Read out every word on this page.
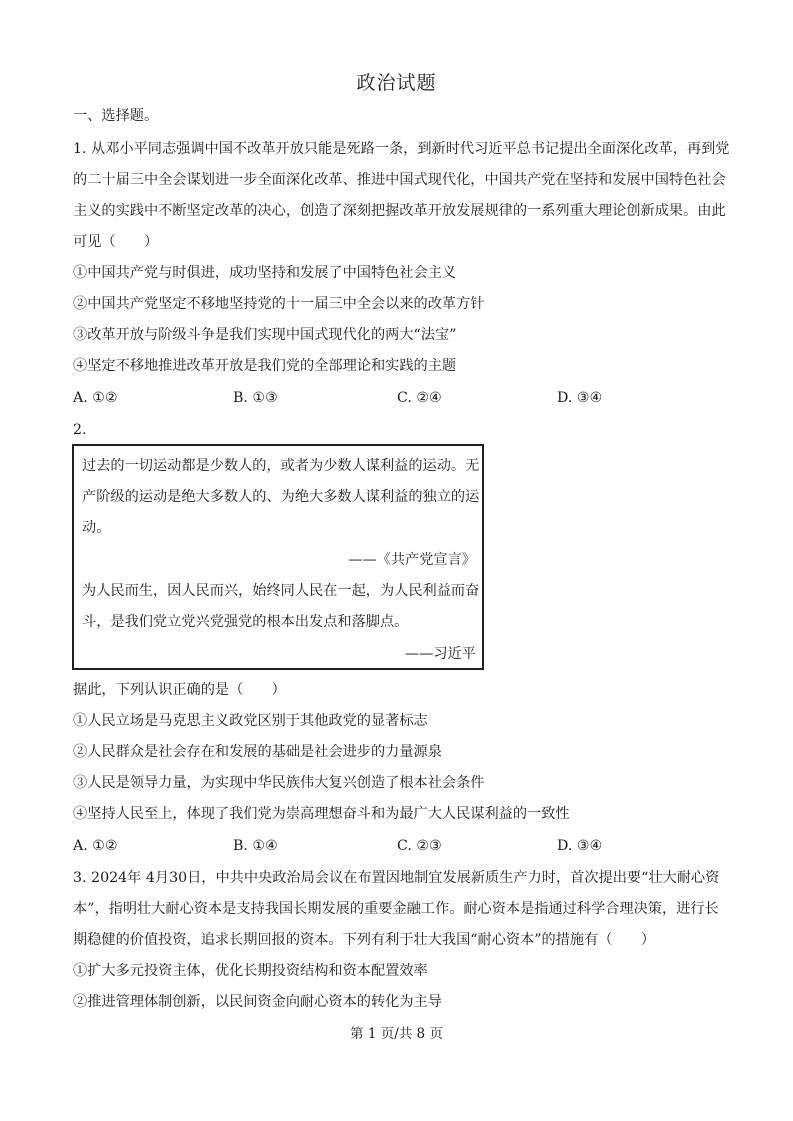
政治试题
一、选择题。
1. 从邓小平同志强调中国不改革开放只能是死路一条，到新时代习近平总书记提出全面深化改革，再到党
的二十届三中全会谋划进一步全面深化改革、推进中国式现代化，中国共产党在坚持和发展中国特色社会
主义的实践中不断坚定改革的决心，创造了深刻把握改革开放发展规律的一系列重大理论创新成果。由此
可见（　　）
①中国共产党与时俱进，成功坚持和发展了中国特色社会主义
②中国共产党坚定不移地坚持党的十一届三中全会以来的改革方针
③改革开放与阶级斗争是我们实现中国式现代化的两大“法宝”
④坚定不移地推进改革开放是我们党的全部理论和实践的主题
A. ①②	B. ①③	C. ②④	D. ③④
2.
过去的一切运动都是少数人的，或者为少数人谋利益的运动。无
产阶级的运动是绝大多数人的、为绝大多数人谋利益的独立的运
动。
——《共产党宣言》
为人民而生，因人民而兴，始终同人民在一起，为人民利益而奋
斗，是我们党立党兴党强党的根本出发点和落脚点。
——习近平
据此，下列认识正确的是（　　）
①人民立场是马克思主义政党区别于其他政党的显著标志
②人民群众是社会存在和发展的基础是社会进步的力量源泉
③人民是领导力量，为实现中华民族伟大复兴创造了根本社会条件
④坚持人民至上，体现了我们党为崇高理想奋斗和为最广大人民谋利益的一致性
A. ①②	B. ①④	C. ②③	D. ③④
3. 2024年 4月30日，中共中央政治局会议在布置因地制宜发展新质生产力时，首次提出要“壮大耐心资
本”，指明壮大耐心资本是支持我国长期发展的重要金融工作。耐心资本是指通过科学合理决策，进行长
期稳健的价值投资，追求长期回报的资本。下列有利于壮大我国“耐心资本”的措施有（　　）
①扩大多元投资主体，优化长期投资结构和资本配置效率
②推进管理体制创新，以民间资金向耐心资本的转化为主导
第 1 页/共 8 页
